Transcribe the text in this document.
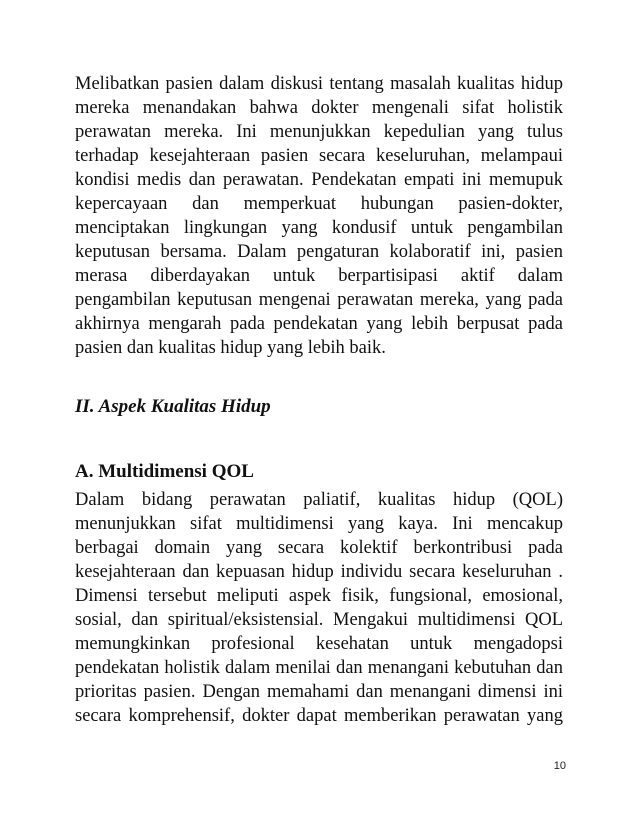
Melibatkan pasien dalam diskusi tentang masalah kualitas hidup
mereka menandakan bahwa dokter mengenali sifat holistik
perawatan mereka. Ini menunjukkan kepedulian yang tulus
terhadap kesejahteraan pasien secara keseluruhan, melampaui
kondisi medis dan perawatan. Pendekatan empati ini memupuk
kepercayaan dan memperkuat hubungan pasien-dokter,
menciptakan lingkungan yang kondusif untuk pengambilan
keputusan bersama. Dalam pengaturan kolaboratif ini, pasien
merasa diberdayakan untuk berpartisipasi aktif dalam
pengambilan keputusan mengenai perawatan mereka, yang pada
akhirnya mengarah pada pendekatan yang lebih berpusat pada
pasien dan kualitas hidup yang lebih baik.
II. Aspek Kualitas Hidup
A. Multidimensi QOL
Dalam bidang perawatan paliatif, kualitas hidup (QOL)
menunjukkan sifat multidimensi yang kaya. Ini mencakup
berbagai domain yang secara kolektif berkontribusi pada
kesejahteraan dan kepuasan hidup individu secara keseluruhan .
Dimensi tersebut meliputi aspek fisik, fungsional, emosional,
sosial, dan spiritual/eksistensial. Mengakui multidimensi QOL
memungkinkan profesional kesehatan untuk mengadopsi
pendekatan holistik dalam menilai dan menangani kebutuhan dan
prioritas pasien. Dengan memahami dan menangani dimensi ini
secara komprehensif, dokter dapat memberikan perawatan yang
10
